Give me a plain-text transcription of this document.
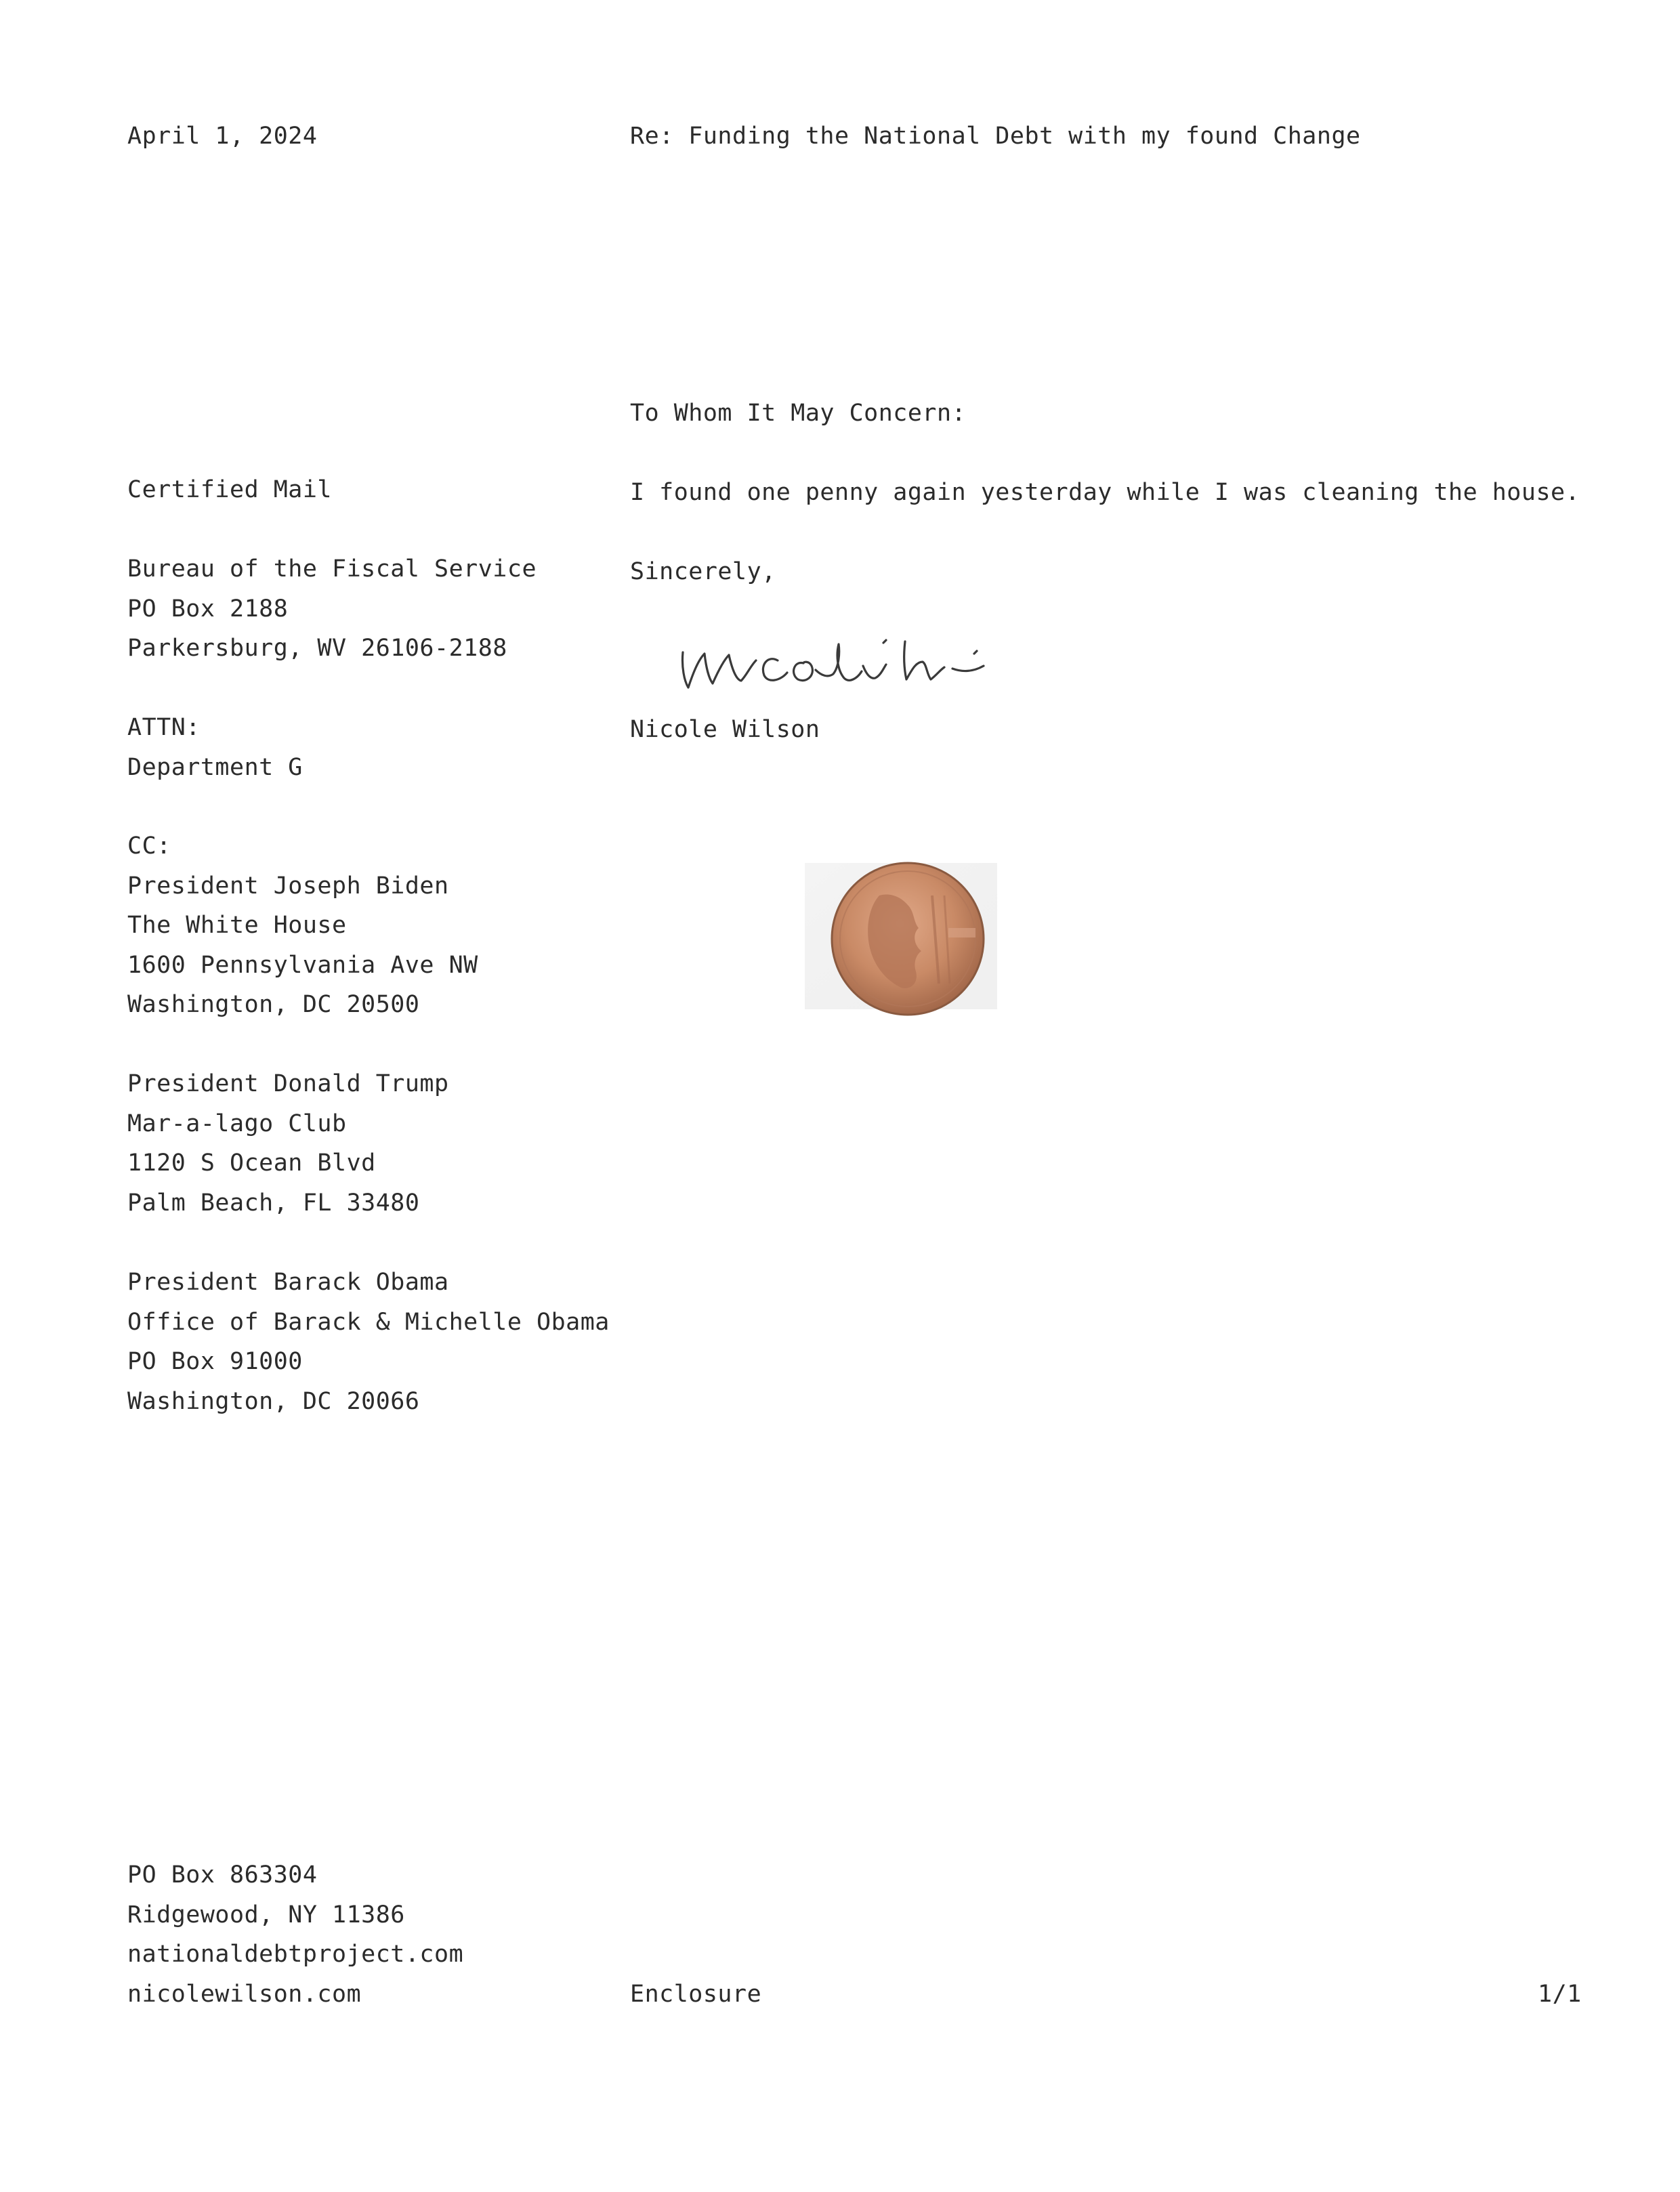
April 1, 2024	Re: Funding the National Debt with my found Change
To Whom It May Concern:
I found one penny again yesterday while I was cleaning the house.
Sincerely,
Nicole Wilson
Certified Mail
Bureau of the Fiscal Service
PO Box 2188
Parkersburg, WV 26106-2188
ATTN:
Department G
CC:
President Joseph Biden
The White House
1600 Pennsylvania Ave NW
Washington, DC 20500
President Donald Trump
Mar-a-lago Club
1120 S Ocean Blvd
Palm Beach, FL 33480
President Barack Obama
Office of Barack & Michelle Obama
PO Box 91000
Washington, DC 20066
PO Box 863304
Ridgewood, NY 11386
nationaldebtproject.com
nicolewilson.com	Enclosure	1/1
